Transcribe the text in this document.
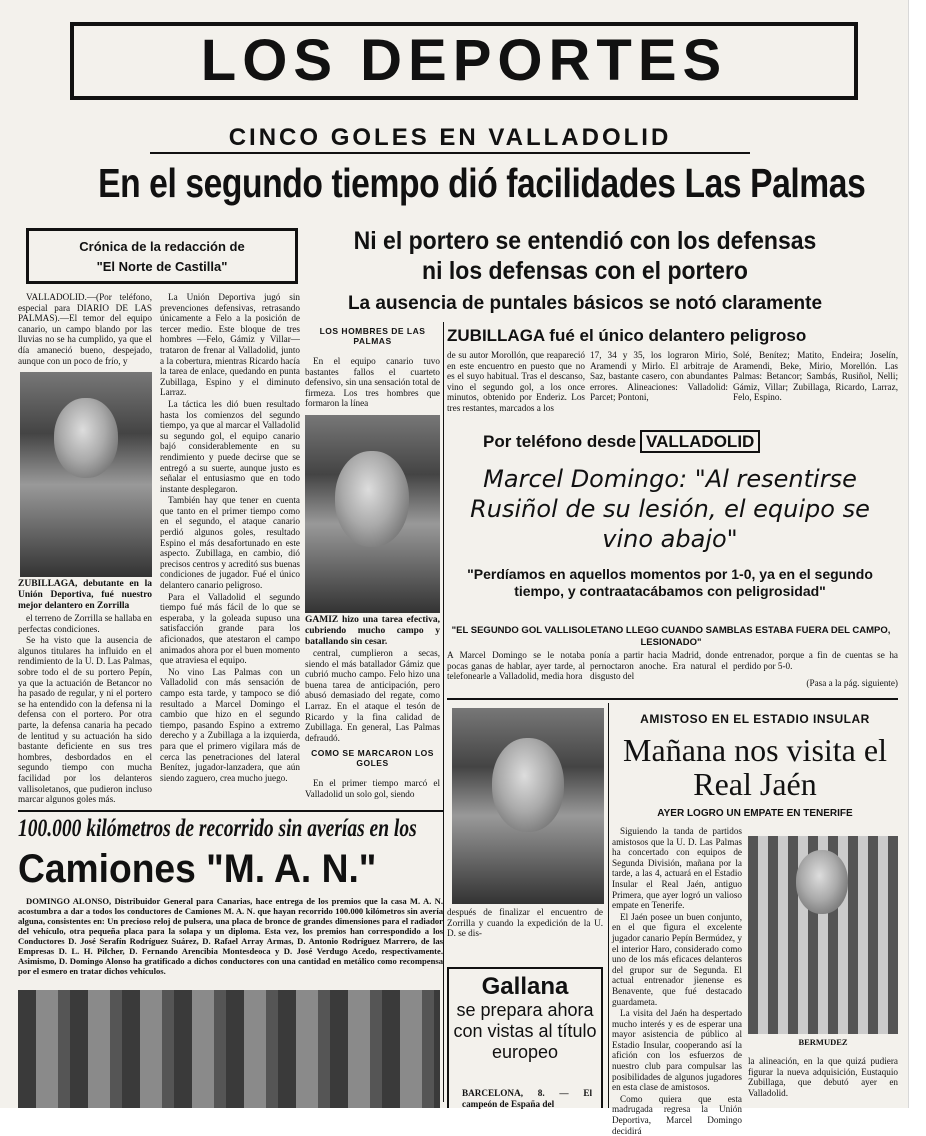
LOS DEPORTES
CINCO GOLES EN VALLADOLID
En el segundo tiempo dió facilidades Las Palmas
Crónica de la redacción de
"El Norte de Castilla"
Ni el portero se entendió con los defensas
ni los defensas con el portero
La ausencia de puntales básicos se notó claramente

VALLADOLID.—(Por teléfono, especial para DIARIO DE LAS PALMAS).—El temor del equipo canario, un campo blando por las lluvias no se ha cumplido, ya que el día amaneció bueno, despejado, aunque con un poco de frío, y

ZUBILLAGA, debutante en la Unión Deportiva, fué nuestro mejor delantero en Zorrilla

el terreno de Zorrilla se hallaba en perfectas condiciones.

Se ha visto que la ausencia de algunos titulares ha influido en el rendimiento de la U. D. Las Palmas, sobre todo el de su portero Pepín, ya que la actuación de Betancor no ha pasado de regular, y ni el portero se ha entendido con la defensa ni la defensa con el portero. Por otra parte, la defensa canaria ha pecado de lentitud y su actuación ha sido bastante deficiente en sus tres hombres, desbordados en el segundo tiempo con mucha facilidad por los delanteros vallisoletanos, que pudieron incluso marcar algunos goles más.

La Unión Deportiva jugó sin prevenciones defensivas, retrasando únicamente a Felo a la posición de tercer medio. Este bloque de tres hombres —Felo, Gámiz y Villar— trataron de frenar al Valladolid, junto a la cobertura, mientras Ricardo hacía la tarea de enlace, quedando en punta Zubillaga, Espino y el diminuto Larraz.

La táctica les dió buen resultado hasta los comienzos del segundo tiempo, ya que al marcar el Valladolid su segundo gol, el equipo canario bajó considerablemente en su rendimiento y puede decirse que se entregó a su suerte, aunque justo es señalar el entusiasmo que en todo instante desplegaron.

También hay que tener en cuenta que tanto en el primer tiempo como en el segundo, el ataque canario perdió algunos goles, resultado Espino el más desafortunado en este aspecto. Zubillaga, en cambio, dió precisos centros y acreditó sus buenas condiciones de jugador. Fué el único delantero canario peligroso.

Para el Valladolid el segundo tiempo fué más fácil de lo que se esperaba, y la goleada supuso una satisfacción grande para los aficionados, que atestaron el campo animados ahora por el buen momento que atraviesa el equipo.

No vino Las Palmas con un Valladolid con más sensación de campo esta tarde, y tampoco se dió resultado a Marcel Domingo el cambio que hizo en el segundo tiempo, pasando Espino a extremo derecho y a Zubillaga a la izquierda, para que el primero vigilara más de cerca las penetraciones del lateral Benítez, jugador-lanzadera, que aún siendo zaguero, crea mucho juego.

LOS HOMBRES DE LAS PALMAS

En el equipo canario tuvo bastantes fallos el cuarteto defensivo, sin una sensación total de firmeza. Los tres hombres que formaron la línea

GAMIZ hizo una tarea efectiva, cubriendo mucho campo y batallando sin cesar.

central, cumplieron a secas, siendo el más batallador Gámiz que cubrió mucho campo. Felo hizo una buena tarea de anticipación, pero abusó demasiado del regate, como Larraz. En el ataque el tesón de Ricardo y la fina calidad de Zubillaga. En general, Las Palmas defraudó.

COMO SE MARCARON LOS GOLES

En el primer tiempo marcó el Valladolid un solo gol, siendo

ZUBILLAGA fué el único delantero peligroso
de su autor Morollón, que reapareció en este encuentro en puesto que no es el suyo habitual. Tras el descanso, vino el segundo gol, a los once minutos, obtenido por Enderiz. Los tres restantes, marcados a los
17, 34 y 35, los lograron Mirio, Aramendi y Mirlo. El arbitraje de Saz, bastante casero, con abundantes errores. Alineaciones: Valladolid: Parcet; Pontoni,
Solé, Benítez; Matito, Endeira; Joselín, Aramendi, Beke, Mirio, Morellón. Las Palmas: Betancor; Sambás, Rusiñol, Nelli; Gámiz, Villar; Zubillaga, Ricardo, Larraz, Felo, Espino.
Por teléfono desde VALLADOLID
Marcel Domingo: "Al resentirse Rusiñol de su lesión, el equipo se vino abajo"
"Perdíamos en aquellos momentos por 1-0, ya en el segundo tiempo, y contraatacábamos con peligrosidad"
"EL SEGUNDO GOL VALLISOLETANO LLEGO CUANDO SAMBLAS ESTABA FUERA DEL CAMPO, LESIONADO"
A Marcel Domingo se le notaba pocas ganas de hablar, ayer tarde, al telefonearle a Valladolid, media hora
ponía a partir hacia Madrid, donde pernoctaron anoche. Era natural el disgusto del
entrenador, porque a fin de cuentas se ha perdido por 5-0.
(Pasa a la pág. siguiente)
después de finalizar el encuentro de Zorrilla y cuando la expedición de la U. D. se dis-
AMISTOSO EN EL ESTADIO INSULAR
Mañana nos visita el Real Jaén
AYER LOGRO UN EMPATE EN TENERIFE

Siguiendo la tanda de partidos amistosos que la U. D. Las Palmas ha concertado con equipos de Segunda División, mañana por la tarde, a las 4, actuará en el Estadio Insular el Real Jaén, antiguo Primera, que ayer logró un valioso empate en Tenerife.

El Jaén posee un buen conjunto, en el que figura el excelente jugador canario Pepín Bermúdez, y el interior Haro, considerado como uno de los más eficaces delanteros del grupor sur de Segunda. El actual entrenador jienense es Benavente, que fué destacado guardameta.

La visita del Jaén ha despertado mucho interés y es de esperar una mayor asistencia de público al Estadio Insular, cooperando así la afición con los esfuerzos de nuestro club para compulsar las posibilidades de algunos jugadores en esta clase de amistosos.

Como quiera que esta madrugada regresa la Unión Deportiva, Marcel Domingo decidirá

BERMUDEZ
la alineación, en la que quizá pudiera figurar la nueva adquisición, Eustaquio Zubillaga, que debutó ayer en Valladolid.
100.000 kilómetros de recorrido sin averías en los
Camiones "M. A. N."

DOMINGO ALONSO, Distribuidor General para Canarias, hace entrega de los premios que la casa M. A. N. acostumbra a dar a todos los conductores de Camiones M. A. N. que hayan recorrido 100.000 kilómetros sin avería alguna, consistentes en: Un precioso reloj de pulsera, una placa de bronce de grandes dimensiones para el radiador del vehículo, otra pequeña placa para la solapa y un diploma. Esta vez, los premios han correspondido a los Conductores D. José Serafín Rodríguez Suárez, D. Rafael Array Armas, D. Antonio Rodríguez Marrero, de las Empresas D. L. H. Pilcher, D. Fernando Arencibia Montesdeoca y D. José Verdugo Acedo, respectivamente. Asimismo, D. Domingo Alonso ha gratificado a dichos conductores con una cantidad en metálico como recompensa por el esmero en tratar dichos vehículos.

Gallana
se prepara ahora con vistas al título europeo
BARCELONA, 8. — El campeón de España del
